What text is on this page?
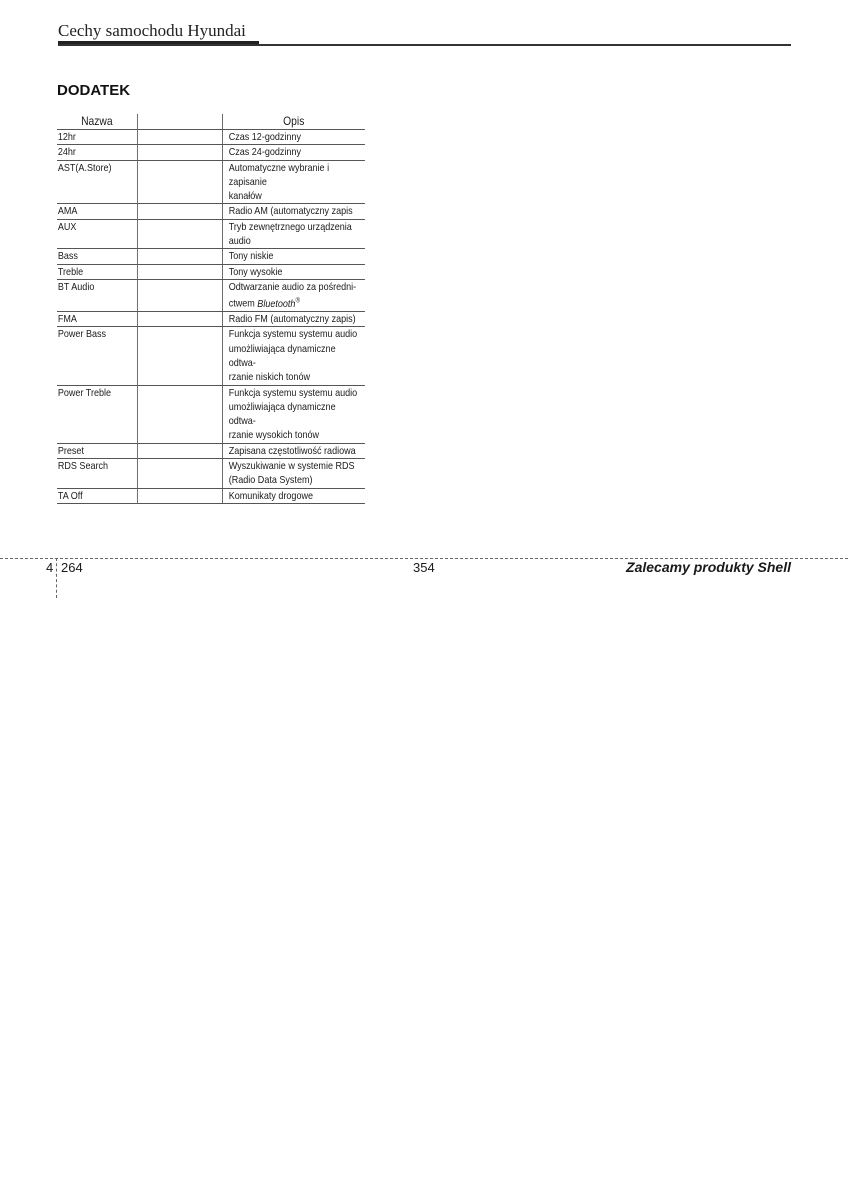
Cechy samochodu Hyundai
DODATEK
Nazwa		Opis
12hr		Czas 12-godzinny

24hr		Czas 24-godzinny

AST(A.Store)		Automatyczne wybranie i zapisanie
kanałów

AMA		Radio AM (automatyczny zapis

AUX		Tryb zewnętrznego urządzenia
audio

Bass		Tony niskie

Treble		Tony wysokie

BT Audio		Odtwarzanie audio za pośredni-
ctwem Bluetooth®

FMA		Radio FM (automatyczny zapis)

Power Bass		Funkcja systemu systemu audio
umożliwiająca dynamiczne odtwa-
rzanie niskich tonów

Power Treble		Funkcja systemu systemu audio
umożliwiająca dynamiczne odtwa-
rzanie wysokich tonów

Preset		Zapisana częstotliwość radiowa

RDS Search		Wyszukiwanie w systemie RDS
(Radio Data System)

TA Off		Komunikaty drogowe
4 264	354	Zalecamy produkty Shell
